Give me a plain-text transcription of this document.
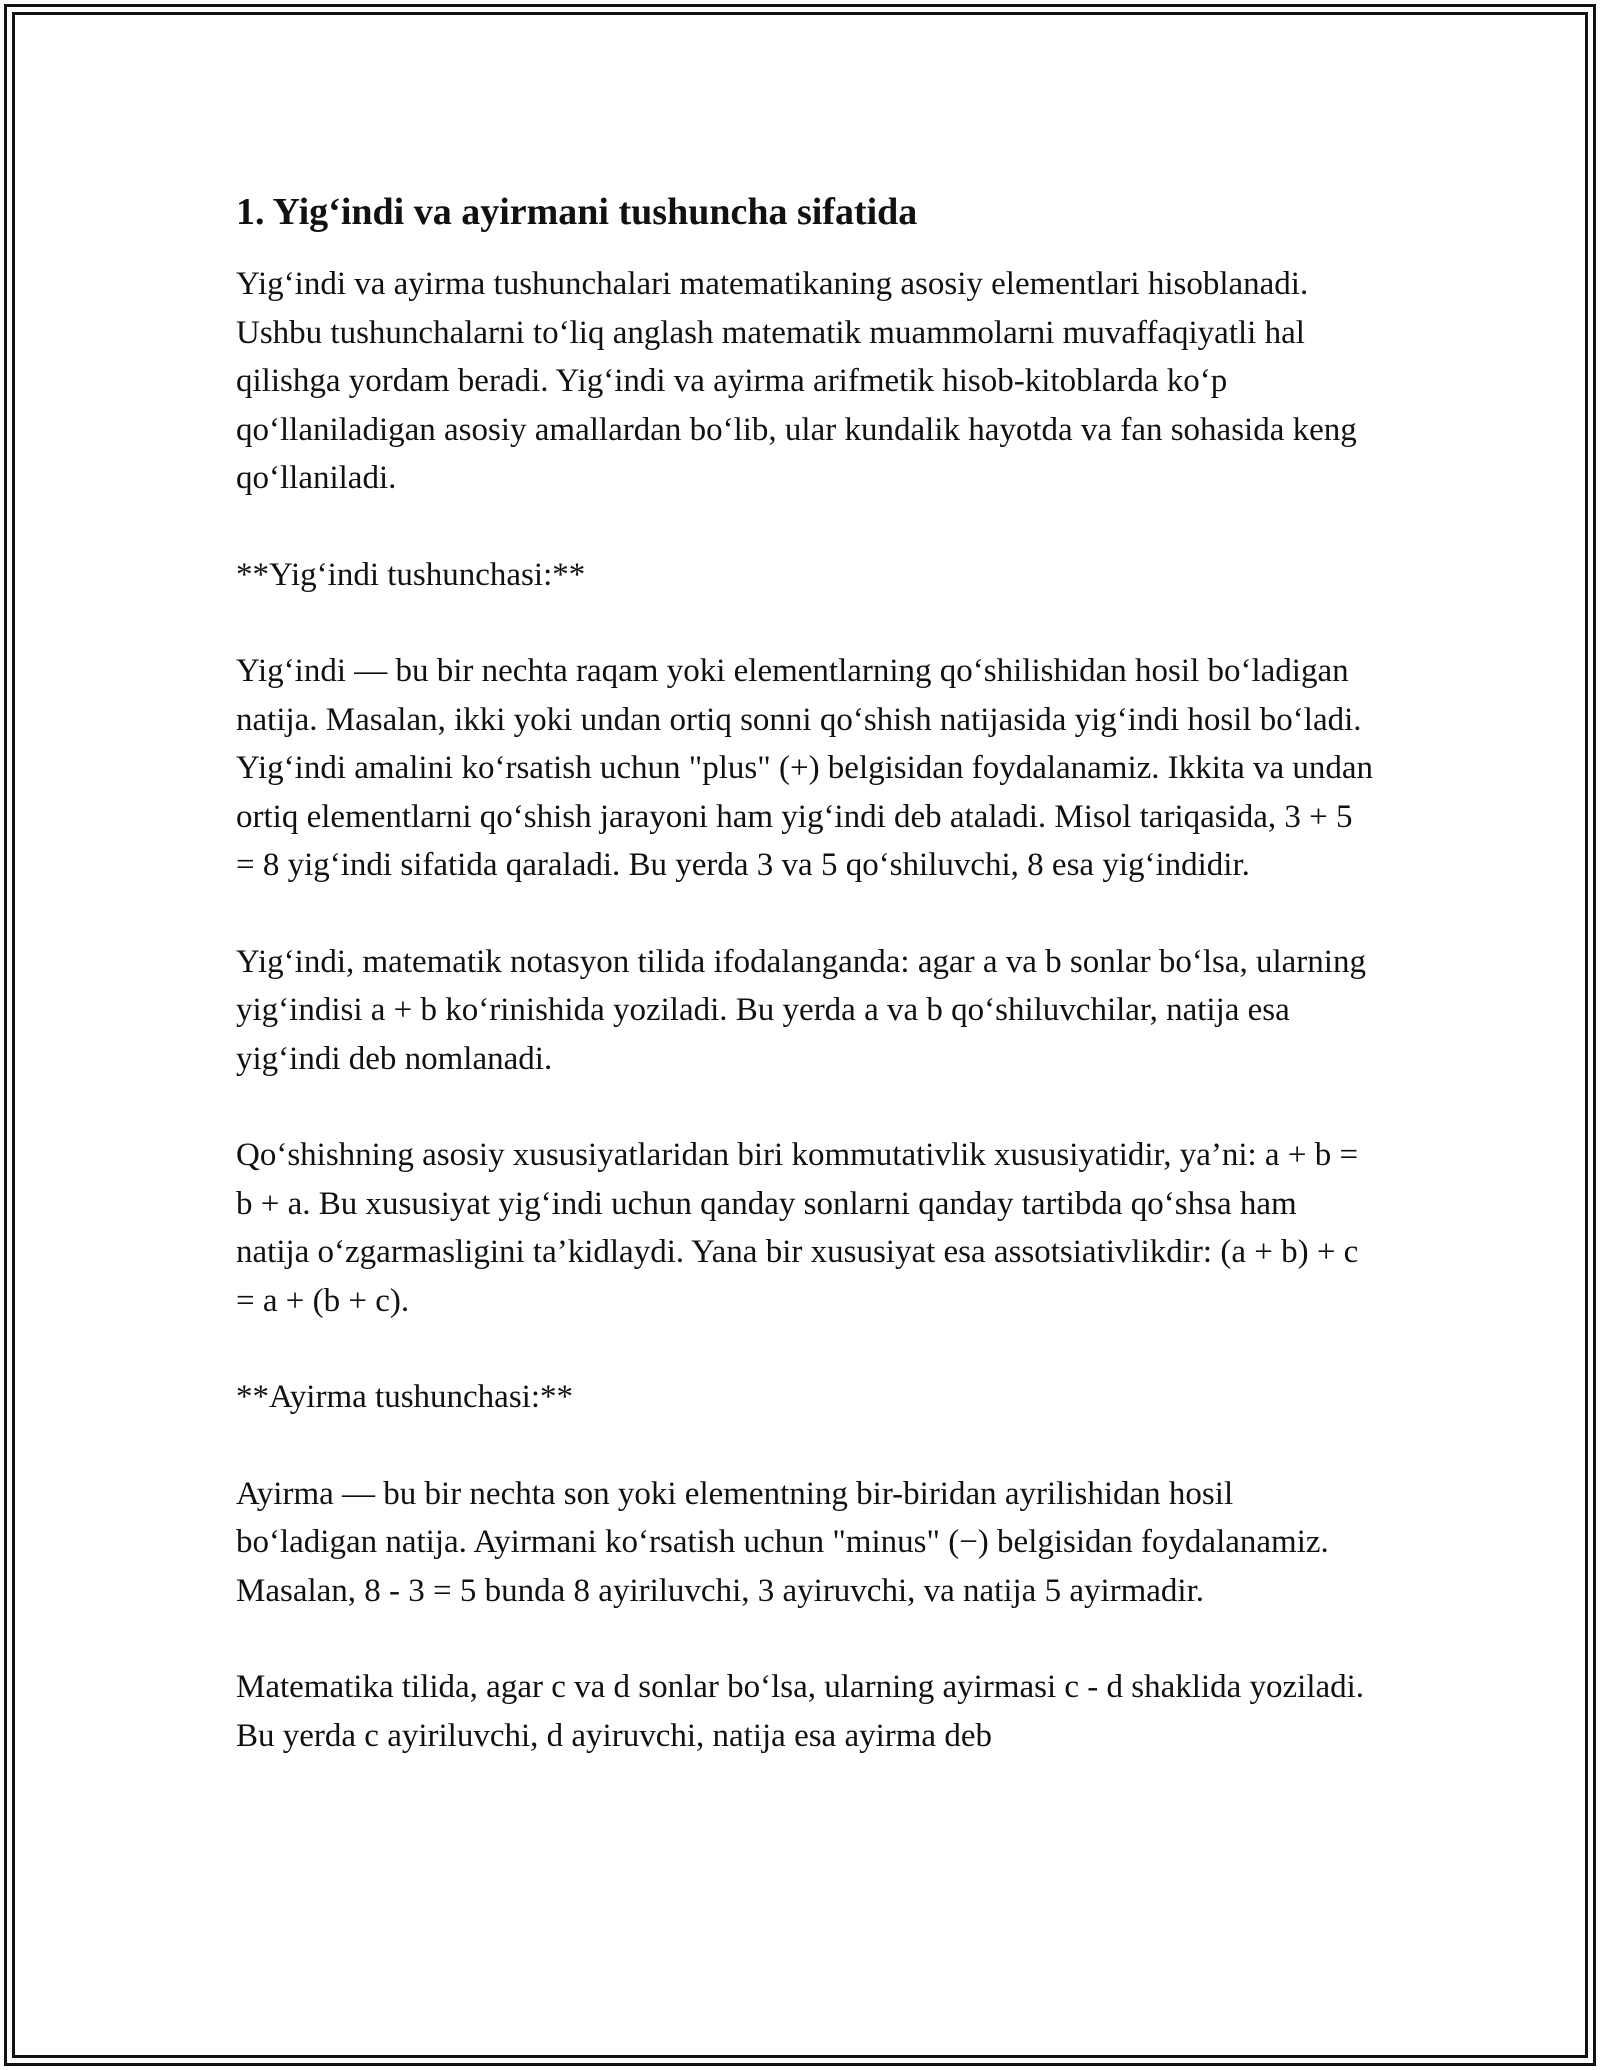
1. Yig‘indi va ayirmani tushuncha sifatida

Yig‘indi va ayirma tushunchalari matematikaning asosiy elementlari hisoblanadi. Ushbu tushunchalarni to‘liq anglash matematik muammolarni muvaffaqiyatli hal qilishga yordam beradi. Yig‘indi va ayirma arifmetik hisob-kitoblarda ko‘p qo‘llaniladigan asosiy amallardan bo‘lib, ular kundalik hayotda va fan sohasida keng qo‘llaniladi.

**Yig‘indi tushunchasi:**

Yig‘indi — bu bir nechta raqam yoki elementlarning qo‘shilishidan hosil bo‘ladigan natija. Masalan, ikki yoki undan ortiq sonni qo‘shish natijasida yig‘indi hosil bo‘ladi. Yig‘indi amalini ko‘rsatish uchun "plus" (+) belgisidan foydalanamiz. Ikkita va undan ortiq elementlarni qo‘shish jarayoni ham yig‘indi deb ataladi. Misol tariqasida, 3 + 5 = 8 yig‘indi sifatida qaraladi. Bu yerda 3 va 5 qo‘shiluvchi, 8 esa yig‘indidir.

Yig‘indi, matematik notasyon tilida ifodalanganda: agar a va b sonlar bo‘lsa, ularning yig‘indisi a + b ko‘rinishida yoziladi. Bu yerda a va b qo‘shiluvchilar, natija esa yig‘indi deb nomlanadi.

Qo‘shishning asosiy xususiyatlaridan biri kommutativlik xususiyatidir, ya’ni: a + b = b + a. Bu xususiyat yig‘indi uchun qanday sonlarni qanday tartibda qo‘shsa ham natija o‘zgarmasligini ta’kidlaydi. Yana bir xususiyat esa assotsiativlikdir: (a + b) + c = a + (b + c).

**Ayirma tushunchasi:**

Ayirma — bu bir nechta son yoki elementning bir-biridan ayrilishidan hosil bo‘ladigan natija. Ayirmani ko‘rsatish uchun "minus" (−) belgisidan foydalanamiz. Masalan, 8 - 3 = 5 bunda 8 ayiriluvchi, 3 ayiruvchi, va natija 5 ayirmadir.

Matematika tilida, agar c va d sonlar bo‘lsa, ularning ayirmasi c - d shaklida yoziladi. Bu yerda c ayiriluvchi, d ayiruvchi, natija esa ayirma deb
